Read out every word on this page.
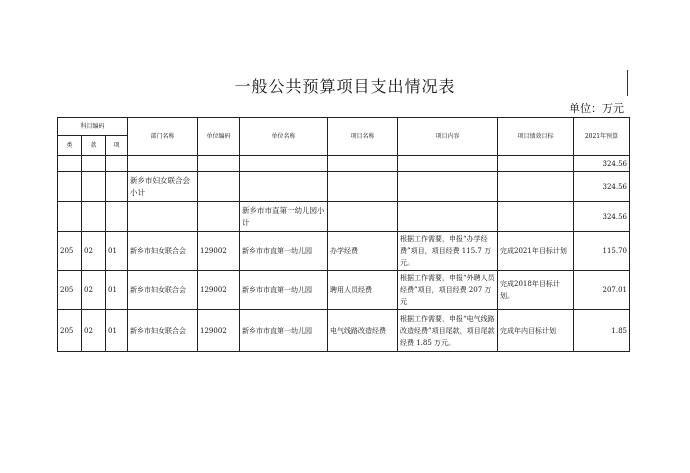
一般公共预算项目支出情况表
单位：万元
科目编码			部门名称	单位编码	单位名称	项目名称	项目内容	项目绩效目标	2021年预算
类	款	项							
									324.56
			新乡市妇女联合会小计						324.56
					新乡市市直第一幼儿园小计				324.56
205	02	01	新乡市妇女联合会	129002	新乡市市直第一幼儿园	办学经费	根据工作需要，申报“办学经费”项目，项目经费 115.7 万元。	完成2021年目标计划	115.70
205	02	01	新乡市妇女联合会	129002	新乡市市直第一幼儿园	聘用人员经费	根据工作需要，申报“外聘人员经费”项目，项目经费 207 万元	完成2018年目标计划。	207.01
205	02	01	新乡市妇女联合会	129002	新乡市市直第一幼儿园	电气线路改造经费	根据工作需要，申报“电气线路改造经费”项目尾款，项目尾款经费 1.85 万元。	完成年内目标计划	1.85
